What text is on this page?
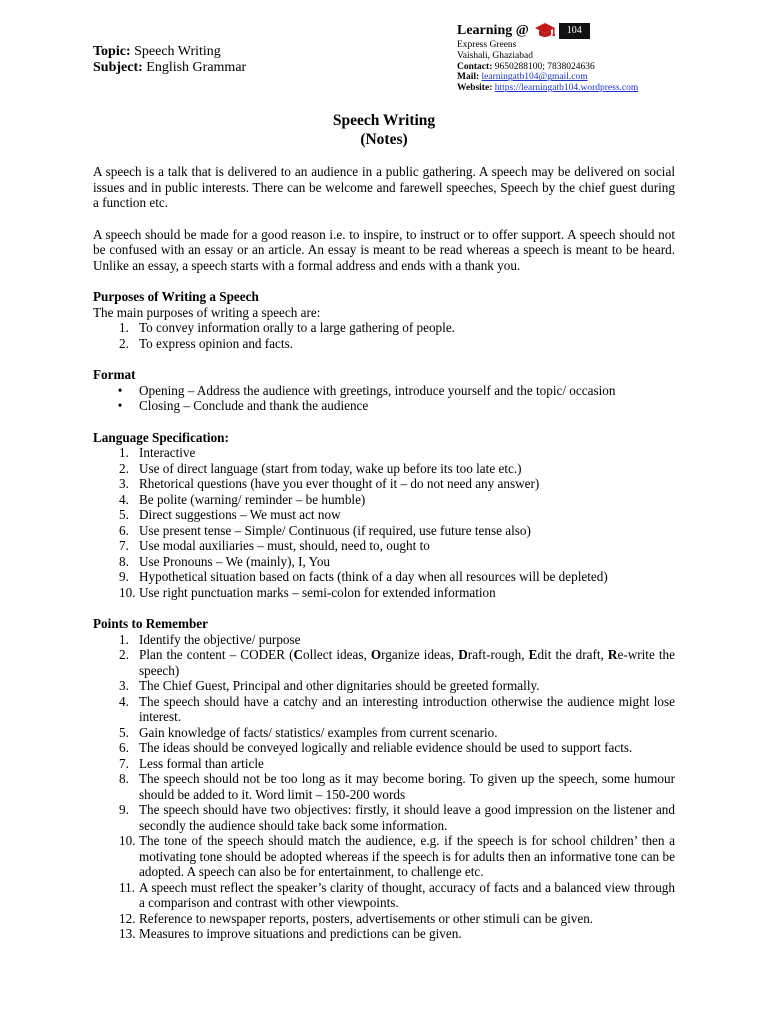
Topic: Speech Writing
Subject: English Grammar
Learning @	104
Express Greens
Vaishali, Ghaziabad
Contact: 9650288100; 7838024636
Mail: learningatb104@gmail.com
Website: https://learningatb104.wordpress.com
Speech Writing
(Notes)

A speech is a talk that is delivered to an audience in a public gathering. A speech may be delivered on social issues and in public interests. There can be welcome and farewell speeches, Speech by the chief guest during a function etc.

A speech should be made for a good reason i.e. to inspire, to instruct or to offer support. A speech should not be confused with an essay or an article. An essay is meant to be read whereas a speech is meant to be heard. Unlike an essay, a speech starts with a formal address and ends with a thank you.

Purposes of Writing a Speech

The main purposes of writing a speech are:

1. To convey information orally to a large gathering of people.
2. To express opinion and facts.

Format

•	Opening – Address the audience with greetings, introduce yourself and the topic/ occasion
•	Closing – Conclude and thank the audience

Language Specification:

1. Interactive
2. Use of direct language (start from today, wake up before its too late etc.)
3. Rhetorical questions (have you ever thought of it – do not need any answer)
4. Be polite (warning/ reminder – be humble)
5. Direct suggestions – We must act now
6. Use present tense – Simple/ Continuous (if required, use future tense also)
7. Use modal auxiliaries – must, should, need to, ought to
8. Use Pronouns – We (mainly), I, You
9. Hypothetical situation based on facts (think of a day when all resources will be depleted)
10. Use right punctuation marks – semi-colon for extended information

Points to Remember

1. Identify the objective/ purpose
2. Plan the content – CODER (Collect ideas, Organize ideas, Draft-rough, Edit the draft, Re-write the speech)
3. The Chief Guest, Principal and other dignitaries should be greeted formally.
4. The speech should have a catchy and an interesting introduction otherwise the audience might lose interest.
5. Gain knowledge of facts/ statistics/ examples from current scenario.
6. The ideas should be conveyed logically and reliable evidence should be used to support facts.
7. Less formal than article
8. The speech should not be too long as it may become boring. To given up the speech, some humour should be added to it. Word limit – 150-200 words
9. The speech should have two objectives: firstly, it should leave a good impression on the listener and secondly the audience should take back some information.
10. The tone of the speech should match the audience, e.g. if the speech is for school children’ then a motivating tone should be adopted whereas if the speech is for adults then an informative tone can be adopted. A speech can also be for entertainment, to challenge etc.
11. A speech must reflect the speaker’s clarity of thought, accuracy of facts and a balanced view through a comparison and contrast with other viewpoints.
12. Reference to newspaper reports, posters, advertisements or other stimuli can be given.
13. Measures to improve situations and predictions can be given.
